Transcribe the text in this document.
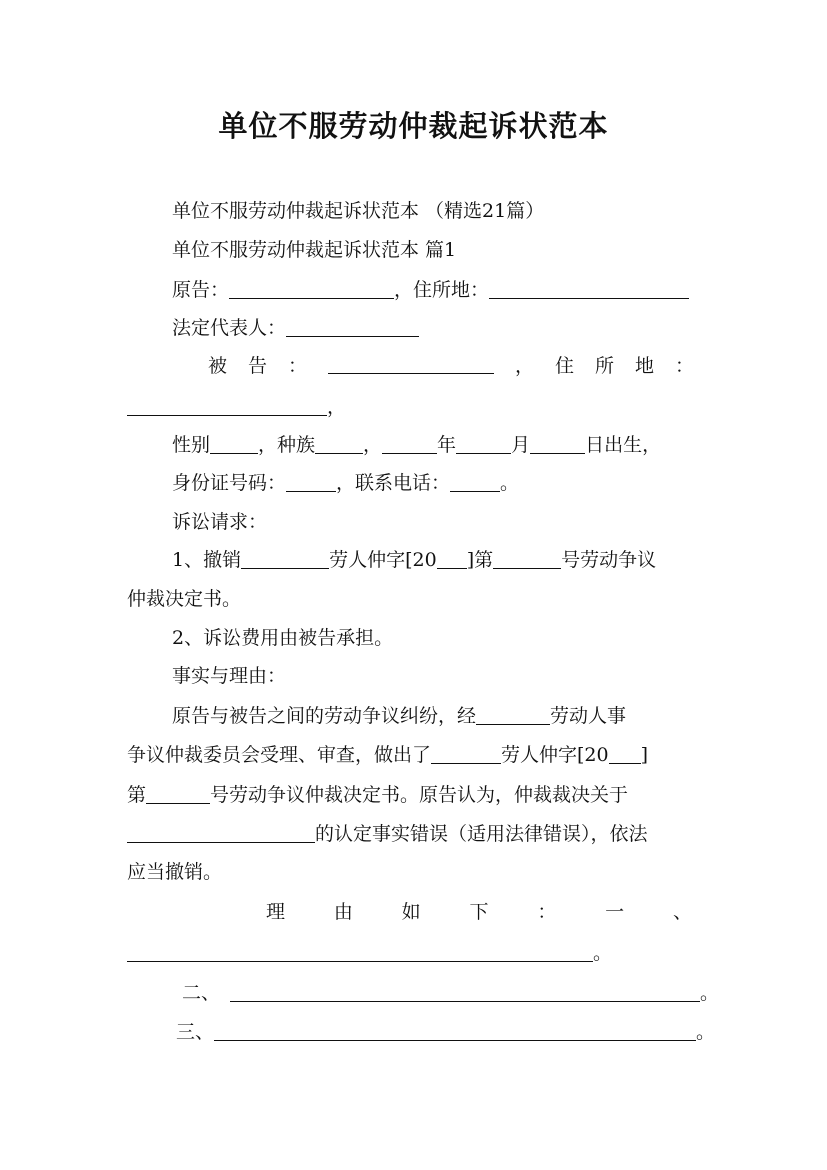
单位不服劳动仲裁起诉状范本
单位不服劳动仲裁起诉状范本 （精选21篇）
单位不服劳动仲裁起诉状范本 篇1
原告：	，住所地：
法定代表人：
被 告 ：	， 住 所 地 ：
，
性别	，种族	，	年	月	日出生，
身份证号码：	，联系电话：	。
诉讼请求：
1、撤销	劳人仲字[20 ]第	号劳动争议
仲裁决定书。
2、诉讼费用由被告承担。
事实与理由：
原告与被告之间的劳动争议纠纷，经	劳动人事
争议仲裁委员会受理、审查，做出了	劳人仲字[20 ]
第	号劳动争议仲裁决定书。原告认为，仲裁裁决关于
的认定事实错误（适用法律错误），依法
应当撤销。
理	由	如	下	：	一	、
。
二、	。
三、	。
